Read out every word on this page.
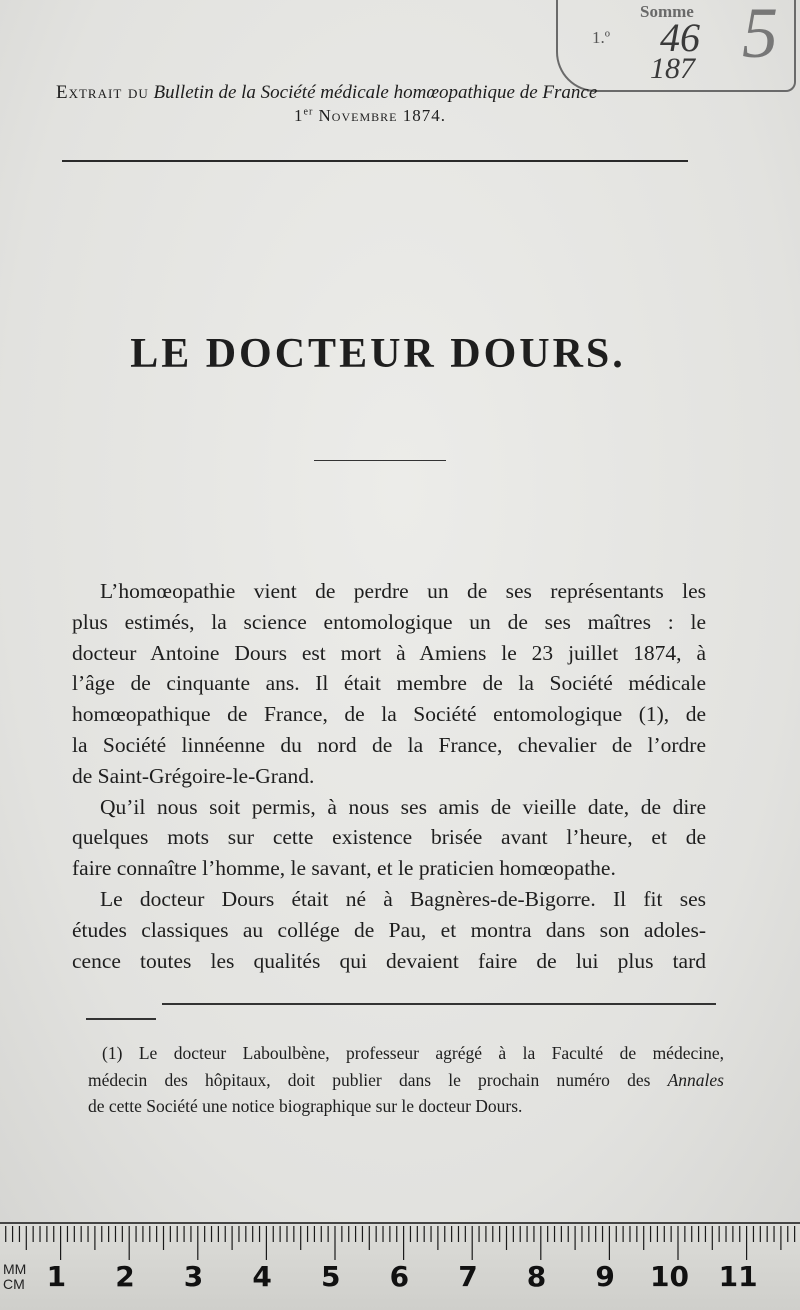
Somme
1.º 46
187 5
Extrait du Bulletin de la Société médicale homœopathique de France
1er Novembre 1874.
LE DOCTEUR DOURS.
L’homœopathie vient de perdre un de ses représentants les
plus estimés, la science entomologique un de ses maîtres : le
docteur Antoine Dours est mort à Amiens le 23 juillet 1874, à
l’âge de cinquante ans. Il était membre de la Société médicale
homœopathique de France, de la Société entomologique (1), de
la Société linnéenne du nord de la France, chevalier de l’ordre
de Saint-Grégoire-le-Grand.
Qu’il nous soit permis, à nous ses amis de vieille date, de dire
quelques mots sur cette existence brisée avant l’heure, et de
faire connaître l’homme, le savant, et le praticien homœopathe.
Le docteur Dours était né à Bagnères-de-Bigorre. Il fit ses
études classiques au collége de Pau, et montra dans son adoles-
cence toutes les qualités qui devaient faire de lui plus tard
(1) Le docteur Laboulbène, professeur agrégé à la Faculté de médecine,
médecin des hôpitaux, doit publier dans le prochain numéro des Annales
de cette Société une notice biographique sur le docteur Dours.
MM
CM 1 2 3 4 5 6 7 8 9 10 11
